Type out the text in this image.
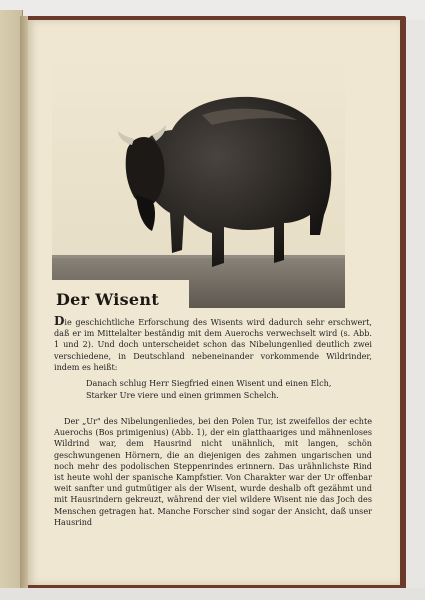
Der Wisent

Die geschichtliche Erforschung des Wisents wird dadurch sehr erschwert, daß er im Mittelalter beständig mit dem Auerochs verwechselt wird (s. Abb. 1 und 2). Und doch unterscheidet schon das Nibelungenlied deutlich zwei verschiedene, in Deutschland nebeneinander vorkommende Wildrinder, indem es heißt:

Danach schlug Herr Siegfried einen Wisent und einen Elch,
Starker Ure viere und einen grimmen Schelch.

Der „Ur" des Nibelungenliedes, bei den Polen Tur, ist zweifellos der echte Auerochs (Bos primigenius) (Abb. 1), der ein glatthaariges und mähnenloses Wildrind war, dem Hausrind nicht unähnlich, mit langen, schön geschwungenen Hörnern, die an diejenigen des zahmen ungarischen und noch mehr des podolischen Steppenrindes erinnern. Das urähnlichste Rind ist heute wohl der spanische Kampfstier. Von Charakter war der Ur offenbar weit sanfter und gutmütiger als der Wisent, wurde deshalb oft gezähmt und mit Hausrindern gekreuzt, während der viel wildere Wisent nie das Joch des Menschen getragen hat. Manche Forscher sind sogar der Ansicht, daß unser Hausrind
